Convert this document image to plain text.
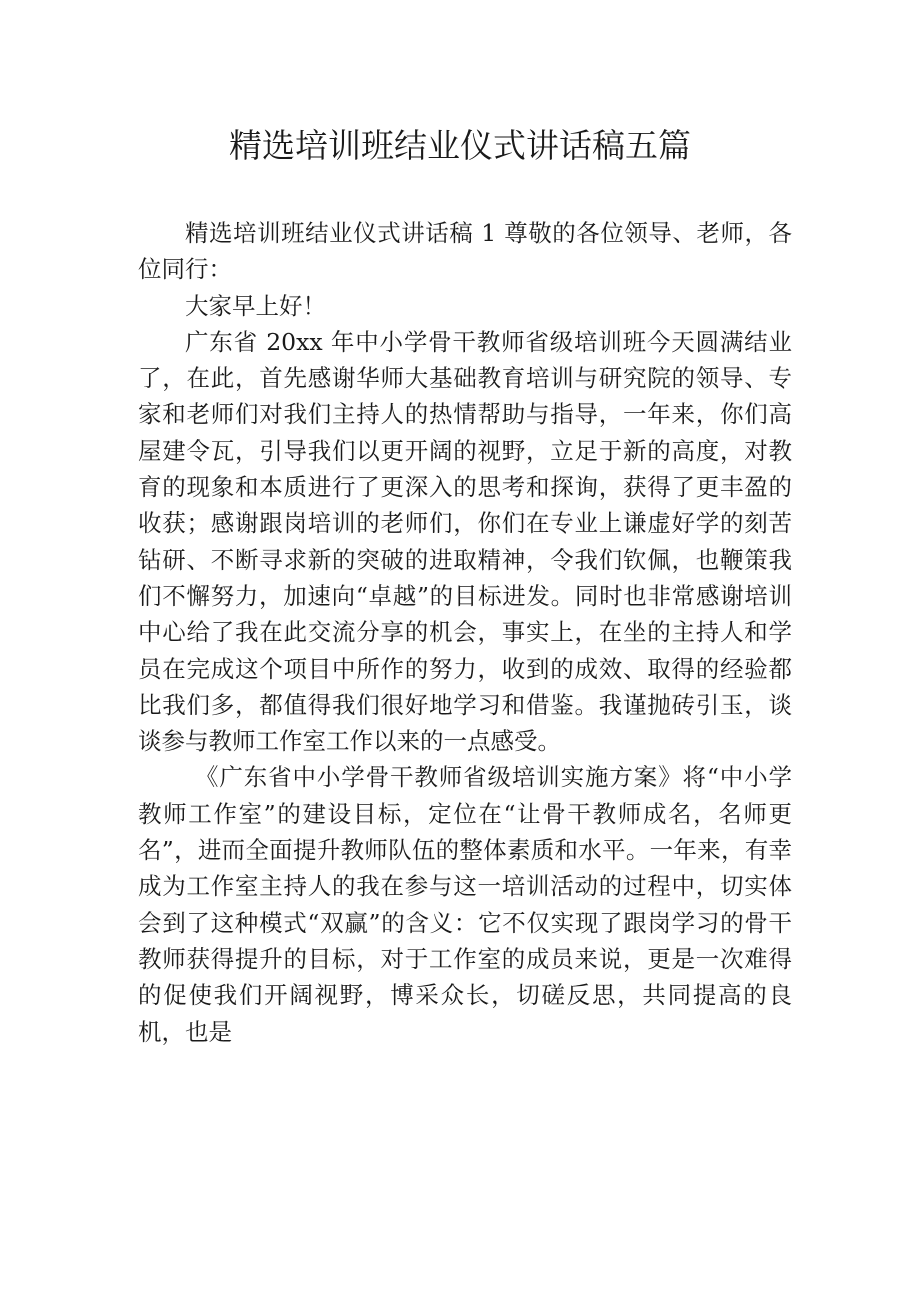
精选培训班结业仪式讲话稿五篇

精选培训班结业仪式讲话稿 1 尊敬的各位领导、老师，各位同行：

大家早上好！

广东省 20xx 年中小学骨干教师省级培训班今天圆满结业了，在此，首先感谢华师大基础教育培训与研究院的领导、专家和老师们对我们主持人的热情帮助与指导，一年来，你们高屋建令瓦，引导我们以更开阔的视野，立足于新的高度，对教育的现象和本质进行了更深入的思考和探询，获得了更丰盈的收获；感谢跟岗培训的老师们，你们在专业上谦虚好学的刻苦钻研、不断寻求新的突破的进取精神，令我们钦佩，也鞭策我们不懈努力，加速向“卓越”的目标进发。同时也非常感谢培训中心给了我在此交流分享的机会，事实上，在坐的主持人和学员在完成这个项目中所作的努力，收到的成效、取得的经验都比我们多，都值得我们很好地学习和借鉴。我谨抛砖引玉，谈谈参与教师工作室工作以来的一点感受。

《广东省中小学骨干教师省级培训实施方案》将“中小学教师工作室”的建设目标，定位在“让骨干教师成名，名师更名”，进而全面提升教师队伍的整体素质和水平。一年来，有幸成为工作室主持人的我在参与这一培训活动的过程中，切实体会到了这种模式“双赢”的含义：它不仅实现了跟岗学习的骨干教师获得提升的目标，对于工作室的成员来说，更是一次难得的促使我们开阔视野，博采众长，切磋反思，共同提高的良机，也是
